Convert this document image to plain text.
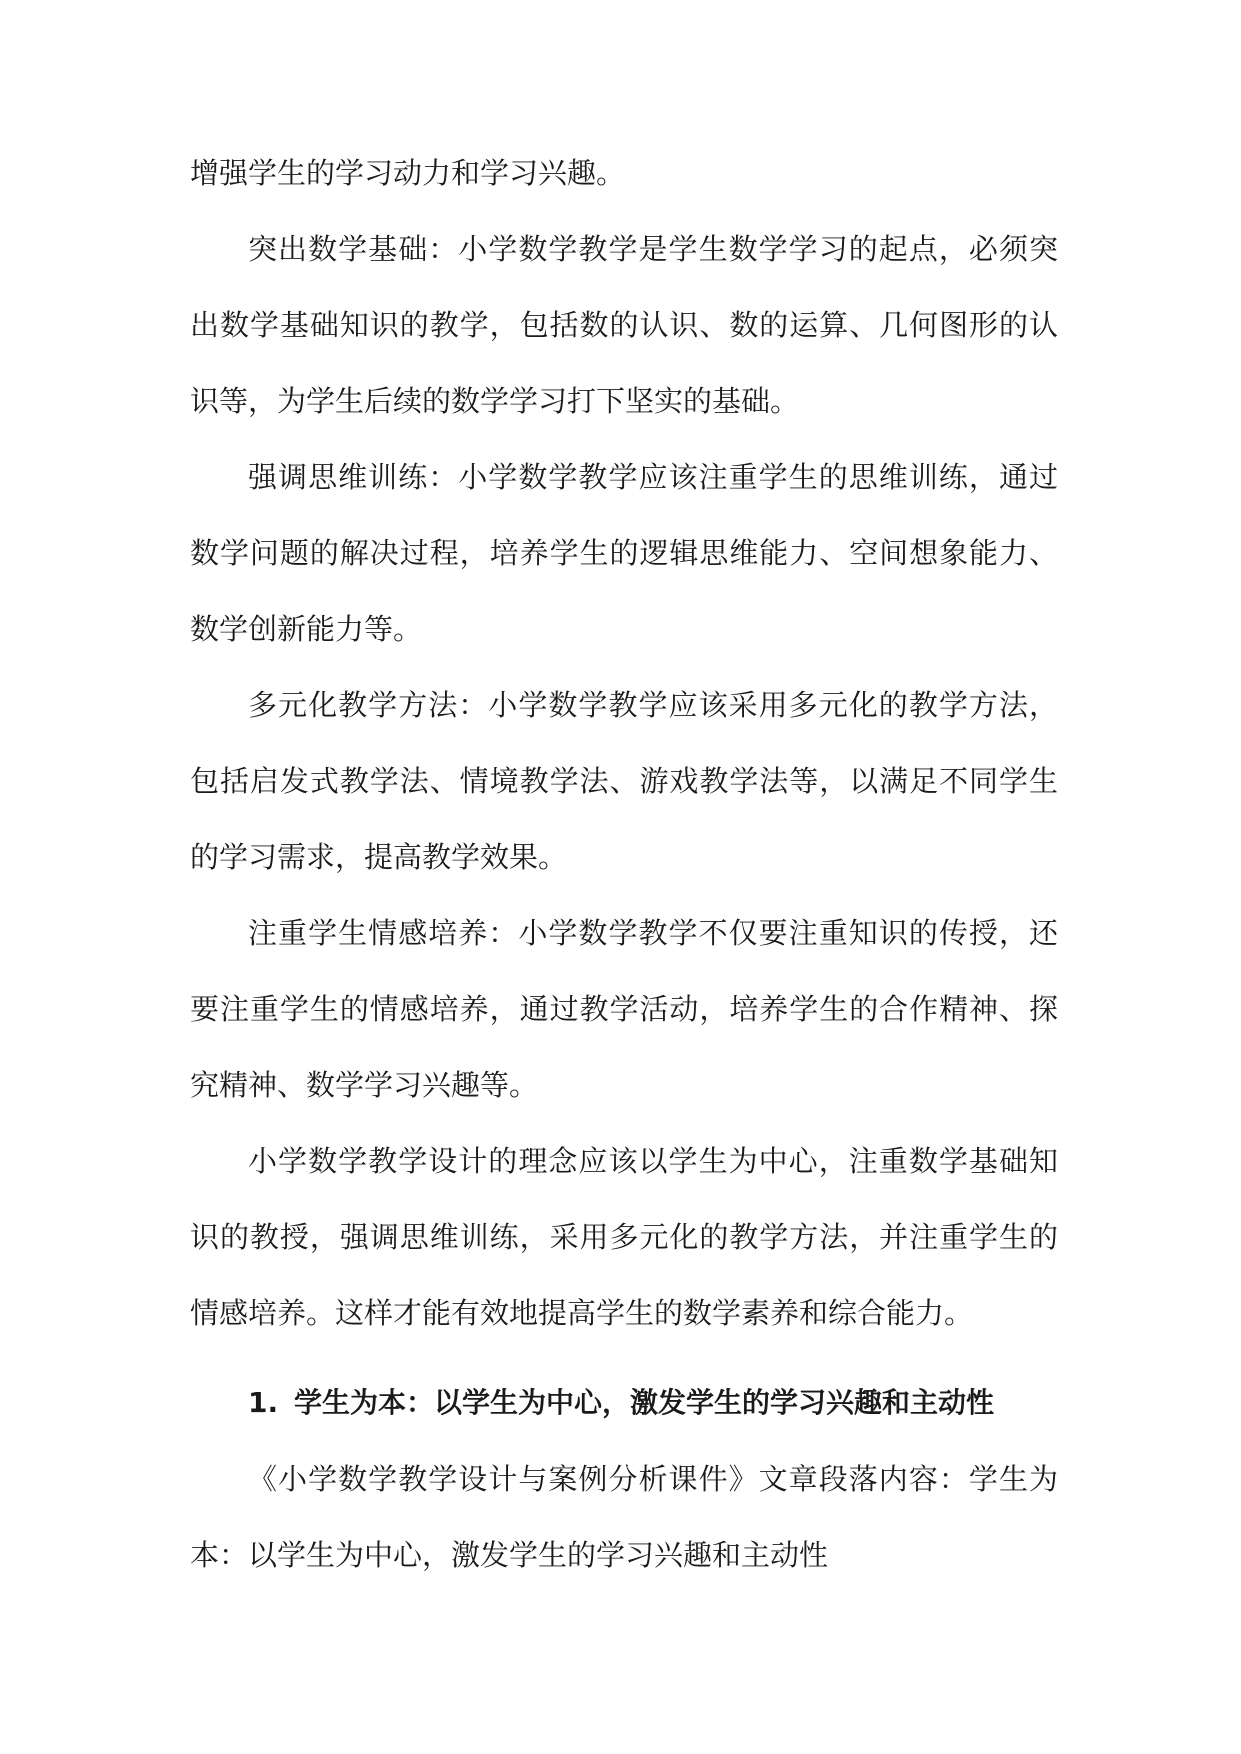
增强学生的学习动力和学习兴趣。

突出数学基础：小学数学教学是学生数学学习的起点，必须突出数学基础知识的教学，包括数的认识、数的运算、几何图形的认识等，为学生后续的数学学习打下坚实的基础。

强调思维训练：小学数学教学应该注重学生的思维训练，通过数学问题的解决过程，培养学生的逻辑思维能力、空间想象能力、数学创新能力等。

多元化教学方法：小学数学教学应该采用多元化的教学方法，包括启发式教学法、情境教学法、游戏教学法等，以满足不同学生的学习需求，提高教学效果。

注重学生情感培养：小学数学教学不仅要注重知识的传授，还要注重学生的情感培养，通过教学活动，培养学生的合作精神、探究精神、数学学习兴趣等。

小学数学教学设计的理念应该以学生为中心，注重数学基础知识的教授，强调思维训练，采用多元化的教学方法，并注重学生的情感培养。这样才能有效地提高学生的数学素养和综合能力。

1. 学生为本：以学生为中心，激发学生的学习兴趣和主动性

《小学数学教学设计与案例分析课件》文章段落内容：学生为本：以学生为中心，激发学生的学习兴趣和主动性
